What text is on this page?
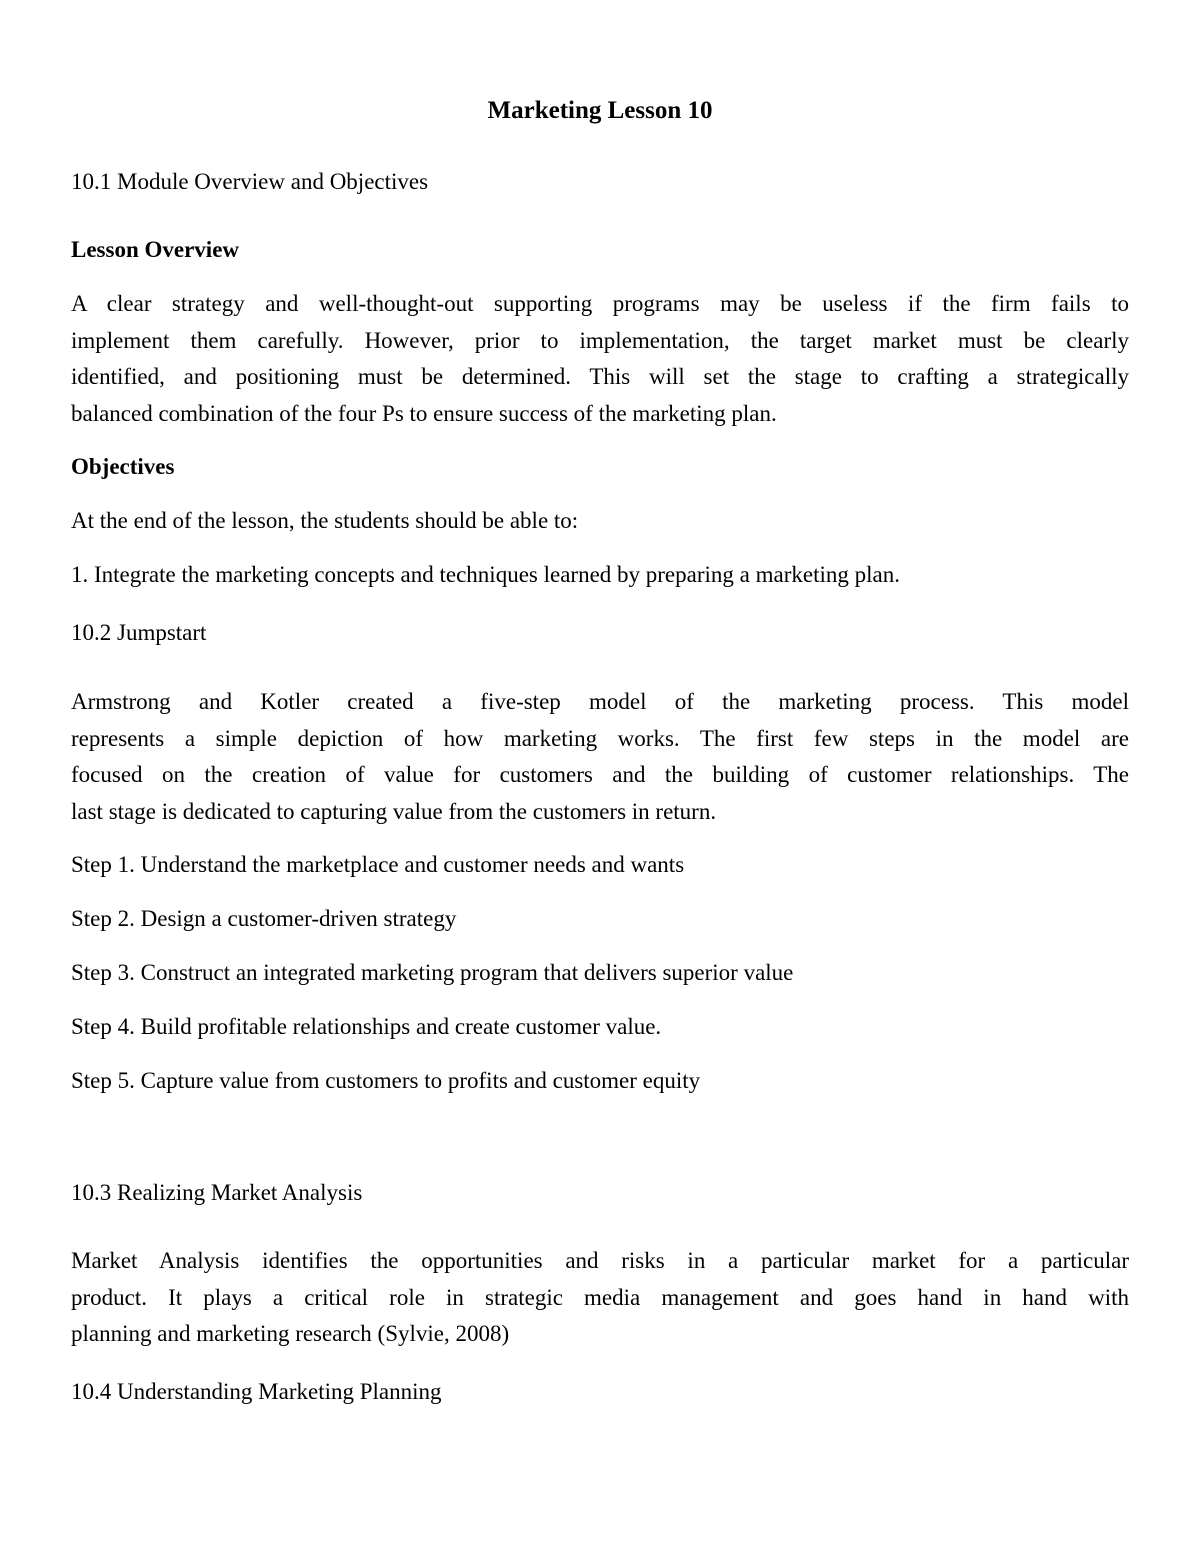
Marketing Lesson 10

10.1 Module Overview and Objectives

Lesson Overview

A clear strategy and well-thought-out supporting programs may be useless if the firm fails to
implement them carefully. However, prior to implementation, the target market must be clearly
identified, and positioning must be determined. This will set the stage to crafting a strategically
balanced combination of the four Ps to ensure success of the marketing plan.

Objectives

At the end of the lesson, the students should be able to:

1. Integrate the marketing concepts and techniques learned by preparing a marketing plan.

10.2 Jumpstart

Armstrong and Kotler created a five-step model of the marketing process. This model
represents a simple depiction of how marketing works. The first few steps in the model are
focused on the creation of value for customers and the building of customer relationships. The
last stage is dedicated to capturing value from the customers in return.

Step 1. Understand the marketplace and customer needs and wants

Step 2. Design a customer-driven strategy

Step 3. Construct an integrated marketing program that delivers superior value

Step 4. Build profitable relationships and create customer value.

Step 5. Capture value from customers to profits and customer equity

10.3 Realizing Market Analysis

Market Analysis identifies the opportunities and risks in a particular market for a particular
product. It plays a critical role in strategic media management and goes hand in hand with
planning and marketing research (Sylvie, 2008)

10.4 Understanding Marketing Planning
